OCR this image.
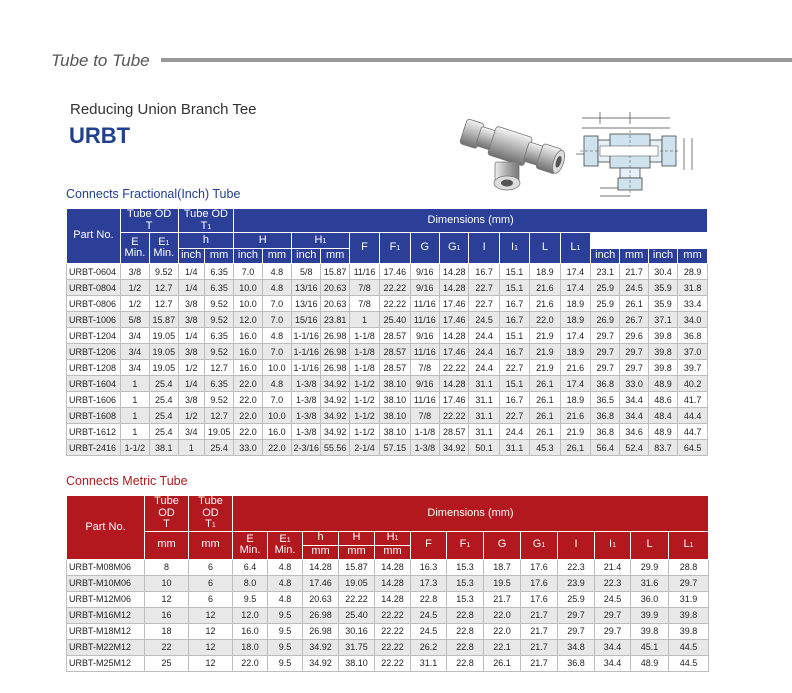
Tube to Tube
Reducing Union Branch Tee
URBT
Connects Fractional(Inch) Tube
Part No.	Tube OD
T		Tube OD
T1		Dimensions (mm)															
	E
Min.	E1
Min.	h		H		H1		F	F1	G	G1	I	I1	L	L1				
			inch	mm	inch	mm	inch	mm									inch	mm	inch	mm
URBT-0604	3/8	9.52	1/4	6.35	7.0	4.8	5/8	15.87	11/16	17.46	9/16	14.28	16.7	15.1	18.9	17.4	23.1	21.7	30.4	28.9
URBT-0804	1/2	12.7	1/4	6.35	10.0	4.8	13/16	20.63	7/8	22.22	9/16	14.28	22.7	15.1	21.6	17.4	25.9	24.5	35.9	31.8
URBT-0806	1/2	12.7	3/8	9.52	10.0	7.0	13/16	20.63	7/8	22.22	11/16	17.46	22.7	16.7	21.6	18.9	25.9	26.1	35.9	33.4
URBT-1006	5/8	15.87	3/8	9.52	12.0	7.0	15/16	23.81	1	25.40	11/16	17.46	24.5	16.7	22.0	18.9	26.9	26.7	37.1	34.0
URBT-1204	3/4	19.05	1/4	6.35	16.0	4.8	1-1/16	26.98	1-1/8	28.57	9/16	14.28	24.4	15.1	21.9	17.4	29.7	29.6	39.8	36.8
URBT-1206	3/4	19.05	3/8	9.52	16.0	7.0	1-1/16	26.98	1-1/8	28.57	11/16	17.46	24.4	16.7	21.9	18.9	29.7	29.7	39.8	37.0
URBT-1208	3/4	19.05	1/2	12.7	16.0	10.0	1-1/16	26.98	1-1/8	28.57	7/8	22.22	24.4	22.7	21.9	21.6	29.7	29.7	39.8	39.7
URBT-1604	1	25.4	1/4	6.35	22.0	4.8	1-3/8	34.92	1-1/2	38.10	9/16	14.28	31.1	15.1	26.1	17.4	36.8	33.0	48.9	40.2
URBT-1606	1	25.4	3/8	9.52	22.0	7.0	1-3/8	34.92	1-1/2	38.10	11/16	17.46	31.1	16.7	26.1	18.9	36.5	34.4	48.6	41.7
URBT-1608	1	25.4	1/2	12.7	22.0	10.0	1-3/8	34.92	1-1/2	38.10	7/8	22.22	31.1	22.7	26.1	21.6	36.8	34.4	48.4	44.4
URBT-1612	1	25.4	3/4	19.05	22.0	16.0	1-3/8	34.92	1-1/2	38.10	1-1/8	28.57	31.1	24.4	26.1	21.9	36.8	34.6	48.9	44.7
URBT-2416	1-1/2	38.1	1	25.4	33.0	22.0	2-3/16	55.56	2-1/4	57.15	1-3/8	34.92	50.1	31.1	45.3	26.1	56.4	52.4	83.7	64.5
Connects Metric Tube
Part No.	Tube OD
T	Tube OD
T1	Dimensions (mm)												
	mm	mm	E
Min.	E1
Min.	h	H	H1	F	F1	G	G1	I	I1	L	L1
					mm	mm	mm								
URBT-M08M06	8	6	6.4	4.8	14.28	15.87	14.28	16.3	15.3	18.7	17.6	22.3	21.4	29.9	28.8
URBT-M10M06	10	6	8.0	4.8	17.46	19.05	14.28	17.3	15.3	19.5	17.6	23.9	22.3	31.6	29.7
URBT-M12M06	12	6	9.5	4.8	20.63	22.22	14.28	22.8	15.3	21.7	17.6	25.9	24.5	36.0	31.9
URBT-M16M12	16	12	12.0	9.5	26.98	25.40	22.22	24.5	22.8	22.0	21.7	29.7	29.7	39.9	39.8
URBT-M18M12	18	12	16.0	9.5	26.98	30.16	22.22	24.5	22.8	22.0	21.7	29.7	29.7	39.8	39.8
URBT-M22M12	22	12	18.0	9.5	34.92	31.75	22.22	26.2	22.8	22.1	21.7	34.8	34.4	45.1	44.5
URBT-M25M12	25	12	22.0	9.5	34.92	38.10	22.22	31.1	22.8	26.1	21.7	36.8	34.4	48.9	44.5
